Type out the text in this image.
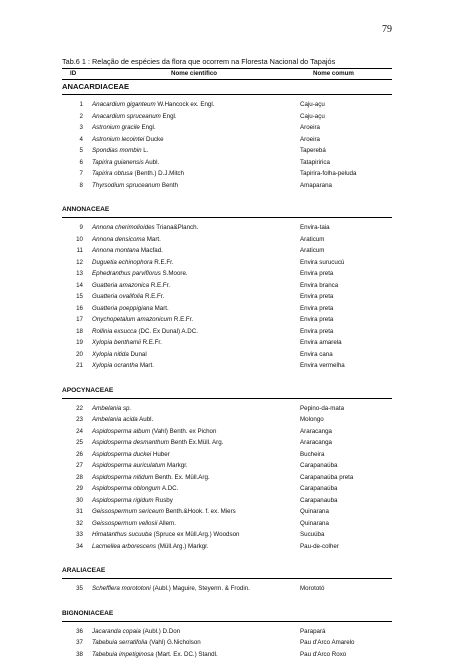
79
Tab.6 1 : Relação de espécies da flora que ocorrem na Floresta Nacional do Tapajós
ID	Nome científico	Nome comum
ANACARDIACEAE
1 Anacardium giganteum W.Hancock ex. Engl.	Caju-açu
2 Anacardium spruceanum Engl.	Caju-açu
3 Astronium gracile Engl.	Aroeira
4 Astronium lecointei Ducke	Aroeira
5 Spondias mombin L.	Taperebá
6 Tapirira guianensis Aubl.	Tatapiririca
7 Tapirira obtusa (Benth.) D.J.Mitch	Tapirira-folha-peluda
8 Thyrsodium spruceanum Benth	Amaparana
ANNONACEAE
9 Annona cherimolioides Triana&Planch.	Envira-taia
10 Annona densicoma Mart.	Araticum
11 Annona montana Macfad.	Araticum
12 Duguetia echinophora R.E.Fr.	Envira surucucú
13 Ephedranthus parviflorus S.Moore.	Envira preta
14 Guatteria amazonica R.E.Fr.	Envira branca
15 Guatteria ovalifolia R.E.Fr.	Envira preta
16 Guatteria poeppigiana Mart.	Envira preta
17 Onychopetalum amazonicum R.E.Fr.	Envira preta
18 Rollinia exsucca (DC. Ex Dunal) A.DC.	Envira preta
19 Xylopia benthamii R.E.Fr.	Envira amarela
20 Xylopia nitida Dunal	Envira cana
21 Xylopia ocrantha Mart.	Envira vermelha
APOCYNACEAE
22 Ambelania sp.	Pepino-da-mata
23 Ambelania acida Aubl.	Molongo
24 Aspidosperma album (Vahl) Benth. ex Pichon	Araracanga
25 Aspidosperma desmanthum Benth Ex.Müll. Arg.	Araracanga
26 Aspidosperma duckei Huber	Bucheira
27 Aspidosperma auriculatum Markgr.	Carapanaúba
28 Aspidosperma nitidum Benth. Ex. Müll.Arg.	Carapanaúba preta
29 Aspidosperma oblongum A.DC.	Carapanaúba
30 Aspidosperma rigidum Rusby	Carapanauba
31 Geissospermum sericeum Benth.&Hook. f. ex. Miers	Quinarana
32 Geissospermum vellosii Allem.	Quinarana
33 Himatanthus sucuuba (Spruce ex Müll.Arg.) Woodson	Sucuúba
34 Lacmellea arborescens (Müll.Arg.) Markgr.	Pau-de-colher
ARALIACEAE
35 Schefflera morototoni (Aubl.) Maguire, Steyerm. & Frodin.	Morototó
BIGNONIACEAE
36 Jacaranda copaia (Aubl.) D.Don	Parapará
37 Tabebuia serratifolia (Vahl) G.Nicholson	Pau d'Arco Amarelo
38 Tabebuia impetiginosa (Mart. Ex. DC.) Standl.	Pau d'Arco Roxo
